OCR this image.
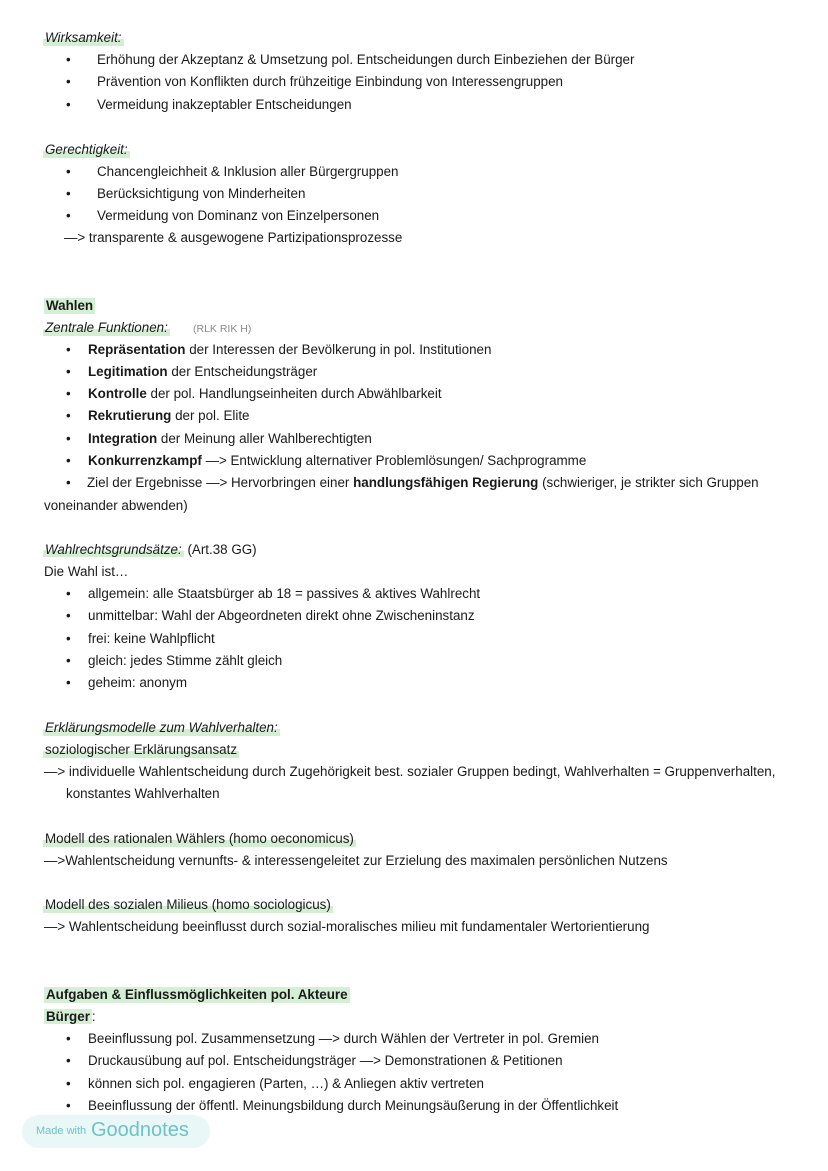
Wirksamkeit:
• Erhöhung der Akzeptanz & Umsetzung pol. Entscheidungen durch Einbeziehen der Bürger
• Prävention von Konflikten durch frühzeitige Einbindung von Interessengruppen
• Vermeidung inakzeptabler Entscheidungen
Gerechtigkeit:
• Chancengleichheit & Inklusion aller Bürgergruppen
• Berücksichtigung von Minderheiten
• Vermeidung von Dominanz von Einzelpersonen
—> transparente & ausgewogene Partizipationsprozesse
Wahlen
Zentrale Funktionen: (RLK RIK H)
• Repräsentation der Interessen der Bevölkerung in pol. Institutionen
• Legitimation der Entscheidungsträger
• Kontrolle der pol. Handlungseinheiten durch Abwählbarkeit
• Rekrutierung der pol. Elite
• Integration der Meinung aller Wahlberechtigten
• Konkurrenzkampf —> Entwicklung alternativer Problemlösungen/ Sachprogramme
• Ziel der Ergebnisse —> Hervorbringen einer handlungsfähigen Regierung (schwieriger, je strikter sich Gruppen
voneinander abwenden)
Wahlrechtsgrundsätze: (Art.38 GG)
Die Wahl ist…
• allgemein: alle Staatsbürger ab 18 = passives & aktives Wahlrecht
• unmittelbar: Wahl der Abgeordneten direkt ohne Zwischeninstanz
• frei: keine Wahlpflicht
• gleich: jedes Stimme zählt gleich
• geheim: anonym
Erklärungsmodelle zum Wahlverhalten:
soziologischer Erklärungsansatz
—> individuelle Wahlentscheidung durch Zugehörigkeit best. sozialer Gruppen bedingt, Wahlverhalten = Gruppenverhalten,
konstantes Wahlverhalten
Modell des rationalen Wählers (homo oeconomicus)
—>Wahlentscheidung vernunfts- & interessengeleitet zur Erzielung des maximalen persönlichen Nutzens
Modell des sozialen Milieus (homo sociologicus)
—> Wahlentscheidung beeinflusst durch sozial-moralisches milieu mit fundamentaler Wertorientierung
Aufgaben & Einflussmöglichkeiten pol. Akteure
Bürger :
• Beeinflussung pol. Zusammensetzung —> durch Wählen der Vertreter in pol. Gremien
• Druckausübung auf pol. Entscheidungsträger —> Demonstrationen & Petitionen
• können sich pol. engagieren (Parten, …) & Anliegen aktiv vertreten
• Beeinflussung der öffentl. Meinungsbildung durch Meinungsäußerung in der Öffentlichkeit
Made with Goodnotes
